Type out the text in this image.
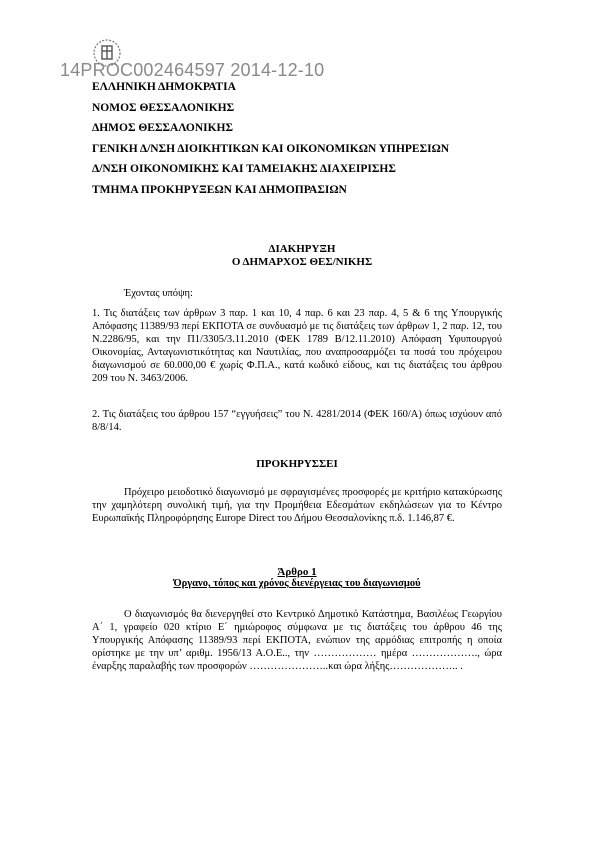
14PROC002464597 2014-12-10
ΕΛΛΗΝΙΚΗ ΔΗΜΟΚΡΑΤΙΑ
ΝΟΜΟΣ ΘΕΣΣΑΛΟΝΙΚΗΣ
ΔΗΜΟΣ ΘΕΣΣΑΛΟΝΙΚΗΣ
ΓΕΝΙΚΗ Δ/ΝΣΗ ΔΙΟΙΚΗΤΙΚΩΝ ΚΑΙ ΟΙΚΟΝΟΜΙΚΩΝ ΥΠΗΡΕΣΙΩΝ
Δ/ΝΣΗ ΟΙΚΟΝΟΜΙΚΗΣ ΚΑΙ ΤΑΜΕΙΑΚΗΣ ΔΙΑΧΕΙΡΙΣΗΣ
ΤΜΗΜΑ ΠΡΟΚΗΡΥΞΕΩΝ ΚΑΙ ΔΗΜΟΠΡΑΣΙΩΝ
ΔΙΑΚΗΡΥΞΗ
Ο ΔΗΜΑΡΧΟΣ ΘΕΣ/ΝΙΚΗΣ
Έχοντας υπόψη:
1. Τις διατάξεις των άρθρων 3 παρ. 1 και 10, 4 παρ. 6 και 23 παρ. 4, 5 & 6 της Υπουργικής Απόφασης 11389/93 περί ΕΚΠΟΤΑ σε συνδυασμό με τις διατάξεις των άρθρων 1, 2 παρ. 12, του Ν.2286/95, και την Π1/3305/3.11.2010 (ΦΕΚ 1789 Β/12.11.2010) Απόφαση Υφυπουργού Οικονομίας, Ανταγωνιστικότητας και Ναυτιλίας, που αναπροσαρμόζει τα ποσά του πρόχειρου διαγωνισμού σε 60.000,00 € χωρίς Φ.Π.Α., κατά κωδικό είδους, και τις διατάξεις του άρθρου 209 του Ν. 3463/2006.
2. Τις διατάξεις του άρθρου 157 “εγγυήσεις” του Ν. 4281/2014 (ΦΕΚ 160/Α) όπως ισχύουν από 8/8/14.
ΠΡΟΚΗΡΥΣΣΕΙ
Πρόχειρο μειοδοτικό διαγωνισμό με σφραγισμένες προσφορές με κριτήριο κατακύρωσης την χαμηλότερη συνολική τιμή, για την Προμήθεια Εδεσμάτων εκδηλώσεων για το Κέντρο Ευρωπαϊκής Πληροφόρησης Europe Direct του Δήμου Θεσσαλονίκης π.δ. 1.146,87 €.
Άρθρο 1
Όργανο, τόπος και χρόνος διενέργειας του διαγωνισμού
Ο διαγωνισμός θα διενεργηθεί στο Κεντρικό Δημοτικό Κατάστημα, Βασιλέως Γεωργίου Α΄ 1, γραφείο 020 κτίριο Ε΄ ημιώροφος σύμφωνα με τις διατάξεις του άρθρου 46 της Υπουργικής Απόφασης 11389/93 περί ΕΚΠΟΤΑ, ενώπιον της αρμόδιας επιτροπής η οποία ορίστηκε με την υπ’ αριθμ. 1956/13 Α.Ο.Ε.., την ……………… ημέρα ………………., ώρα έναρξης παραλαβής των προσφορών …………………..και ώρα λήξης……………….. .
